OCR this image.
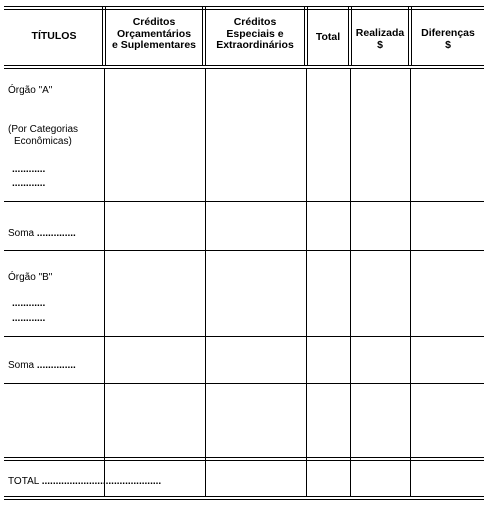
TÍTULOS
Créditos
Orçamentários
e Suplementares
Créditos
Especiais e
Extraordinários
Total	Realizada
$
Diferenças
$
Órgão "A"
(Por Categorias
Econômicas)
............
............
Soma ..............
Órgão "B"
............
............
Soma ..............
TOTAL ...........................................
